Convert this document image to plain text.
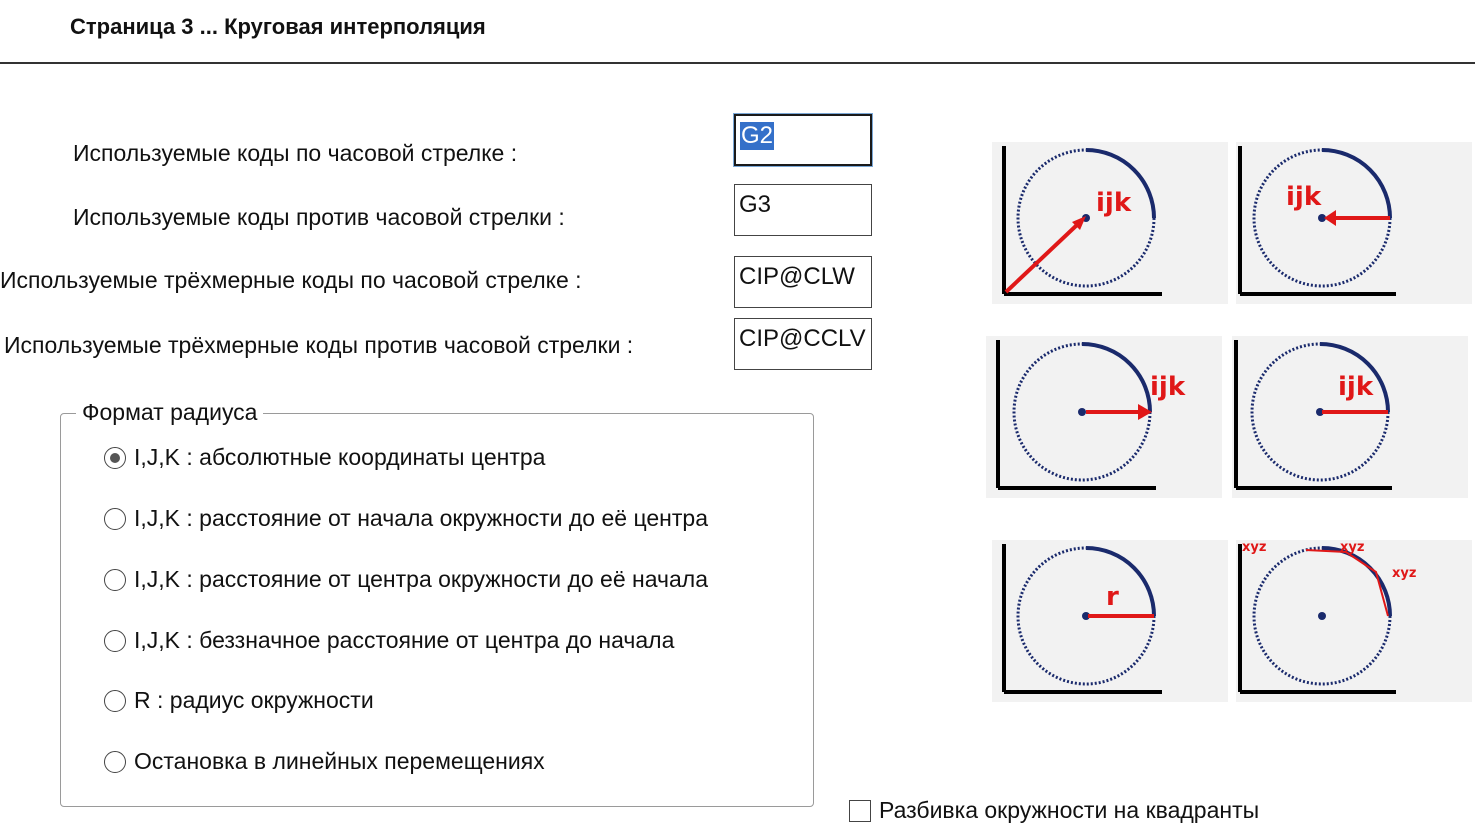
Страница 3 ... Круговая интерполяция
Используемые коды по часовой стрелке :
G2
Используемые коды против часовой стрелки :	G3
Используемые трёхмерные коды по часовой стрелке :	CIP@CLW
Используемые трёхмерные коды против часовой стрелки :	CIP@CCLV
Формат радиуса
I,J,K : абсолютные координаты центра
I,J,K : расстояние от начала окружности до её центра
I,J,K : расстояние от центра окружности до её начала
I,J,K : беззначное расстояние от центра до начала
R : радиус окружности
Остановка в линейных перемещениях
Разбивка окружности на квадранты
ijk	ijk
ijk	ijk
r
xyz	xyz
xyz
